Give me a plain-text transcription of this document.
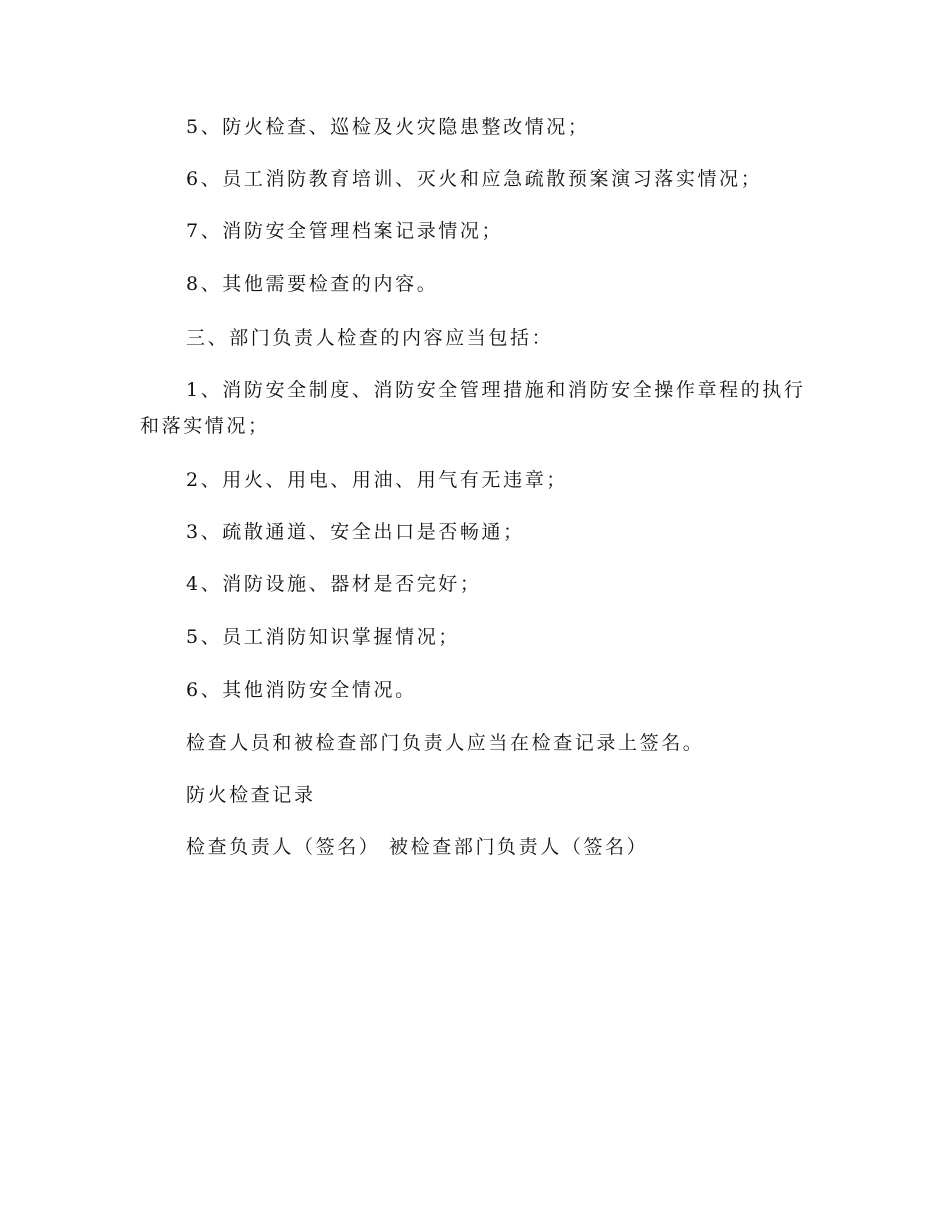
5、防火检查、巡检及火灾隐患整改情况；

6、员工消防教育培训、灭火和应急疏散预案演习落实情况；

7、消防安全管理档案记录情况；

8、其他需要检查的内容。

三、部门负责人检查的内容应当包括：

1、消防安全制度、消防安全管理措施和消防安全操作章程的执行和落实情况；

2、用火、用电、用油、用气有无违章；

3、疏散通道、安全出口是否畅通；

4、消防设施、器材是否完好；

5、员工消防知识掌握情况；

6、其他消防安全情况。

检查人员和被检查部门负责人应当在检查记录上签名。

防火检查记录

检查负责人（签名） 被检查部门负责人（签名）
